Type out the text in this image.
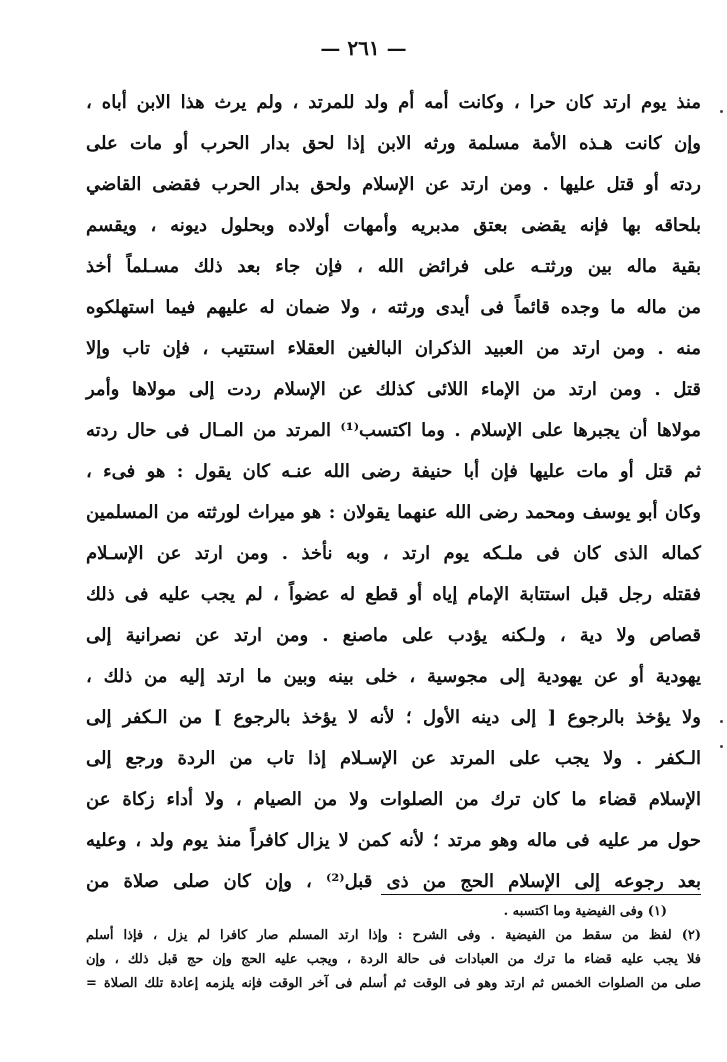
— ٢٦١ —
منذ يوم ارتد كان حرا ، وكانت أمه أم ولد للمرتد ، ولم يرث هذا الابن أباه ،
وإن كانت هـذه الأمة مسلمة ورثه الابن إذا لحق بدار الحرب أو مات على
ردته أو قتل عليها . ومن ارتد عن الإسلام ولحق بدار الحرب فقضى القاضي
بلحاقه بها فإنه يقضى بعتق مدبريه وأمهات أولاده وبحلول ديونه ، ويقسم
بقية ماله بين ورثتـه على فرائض الله ، فإن جاء بعد ذلك مسـلماً أخذ
من ماله ما وجده قائماً فى أيدى ورثته ، ولا ضمان له عليهم فيما استهلكوه
منه . ومن ارتد من العبيد الذكران البالغين العقلاء استتيب ، فإن تاب وإلا
قتل . ومن ارتد من الإماء اللائى كذلك عن الإسلام ردت إلى مولاها وأمر
مولاها أن يجبرها على الإسلام . وما اكتسب⁽¹⁾ المرتد من المـال فى حال ردته
ثم قتل أو مات عليها فإن أبا حنيفة رضى الله عنـه كان يقول : هو فىء ،
وكان أبو يوسف ومحمد رضى الله عنهما يقولان : هو ميراث لورثته من المسلمين
كماله الذى كان فى ملـكه يوم ارتد ، وبه نأخذ . ومن ارتد عن الإسـلام
فقتله رجل قبل استتابة الإمام إياه أو قطع له عضواً ، لم يجب عليه فى ذلك
قصاص ولا دية ، ولـكنه يؤدب على ماصنع . ومن ارتد عن نصرانية إلى
يهودية أو عن يهودية إلى مجوسية ، خلى بينه وبين ما ارتد إليه من ذلك ،
ولا يؤخذ بالرجوع [ إلى دينه الأول ؛ لأنه لا يؤخذ بالرجوع ] من الـكفر إلى
الـكفر . ولا يجب على المرتد عن الإسـلام إذا تاب من الردة ورجع إلى
الإسلام قضاء ما كان ترك من الصلوات ولا من الصيام ، ولا أداء زكاة عن
حول مر عليه فى ماله وهو مرتد ؛ لأنه كمن لا يزال كافراً منذ يوم ولد ، وعليه
بعد رجوعه إلى الإسلام الحج من ذى قبل⁽²⁾ ، وإن كان صلى صلاة من
(١) وفى الفيضية وما اكتسبه .
(٢) لفظ من سقط من الفيضية . وفى الشرح : وإذا ارتد المسلم صار كافرا لم يزل ، فإذا أسلم
فلا يجب عليه قضاء ما ترك من العبادات فى حالة الردة ، ويجب عليه الحج وإن حج قبل ذلك ، وإن
صلى من الصلوات الخمس ثم ارتد وهو فى الوقت ثم أسلم فى آخر الوقت فإنه يلزمه إعادة تلك الصلاة =
